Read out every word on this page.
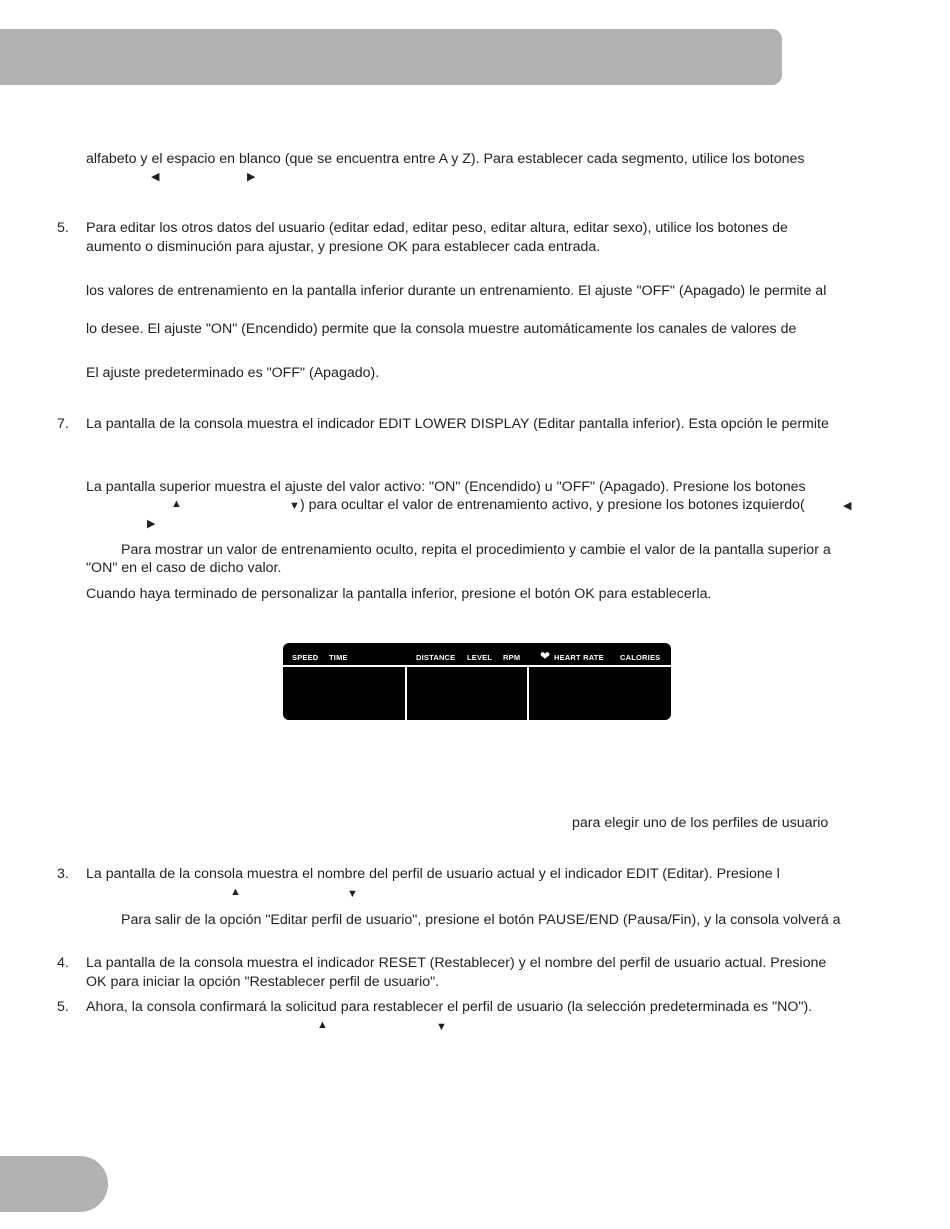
alfabeto y el espacio en blanco (que se encuentra entre A y Z). Para establecer cada segmento, utilice los botones
◀	▶
5. Para editar los otros datos del usuario (editar edad, editar peso, editar altura, editar sexo), utilice los botones de
aumento o disminución para ajustar, y presione OK para establecer cada entrada.
los valores de entrenamiento en la pantalla inferior durante un entrenamiento. El ajuste "OFF" (Apagado) le permite al
lo desee. El ajuste "ON" (Encendido) permite que la consola muestre automáticamente los canales de valores de
El ajuste predeterminado es "OFF" (Apagado).
7. La pantalla de la consola muestra el indicador EDIT LOWER DISPLAY (Editar pantalla inferior). Esta opción le permite
La pantalla superior muestra el ajuste del valor activo: "ON" (Encendido) u "OFF" (Apagado). Presione los botones
▲	▼ ) para ocultar el valor de entrenamiento activo, y presione los botones izquierdo(	◀
▶
Para mostrar un valor de entrenamiento oculto, repita el procedimiento y cambie el valor de la pantalla superior a
"ON" en el caso de dicho valor.
Cuando haya terminado de personalizar la pantalla inferior, presione el botón OK para establecerla.
SPEED TIME	DISTANCE LEVEL RPM ❤ HEART RATE CALORIES
para elegir uno de los perfiles de usuario
3. La pantalla de la consola muestra el nombre del perfil de usuario actual y el indicador EDIT (Editar). Presione l
▲	▼
Para salir de la opción "Editar perfil de usuario", presione el botón PAUSE/END (Pausa/Fin), y la consola volverá a
4. La pantalla de la consola muestra el indicador RESET (Restablecer) y el nombre del perfil de usuario actual. Presione
OK para iniciar la opción "Restablecer perfil de usuario".
5. Ahora, la consola confirmará la solicitud para restablecer el perfil de usuario (la selección predeterminada es "NO").
▲	▼
